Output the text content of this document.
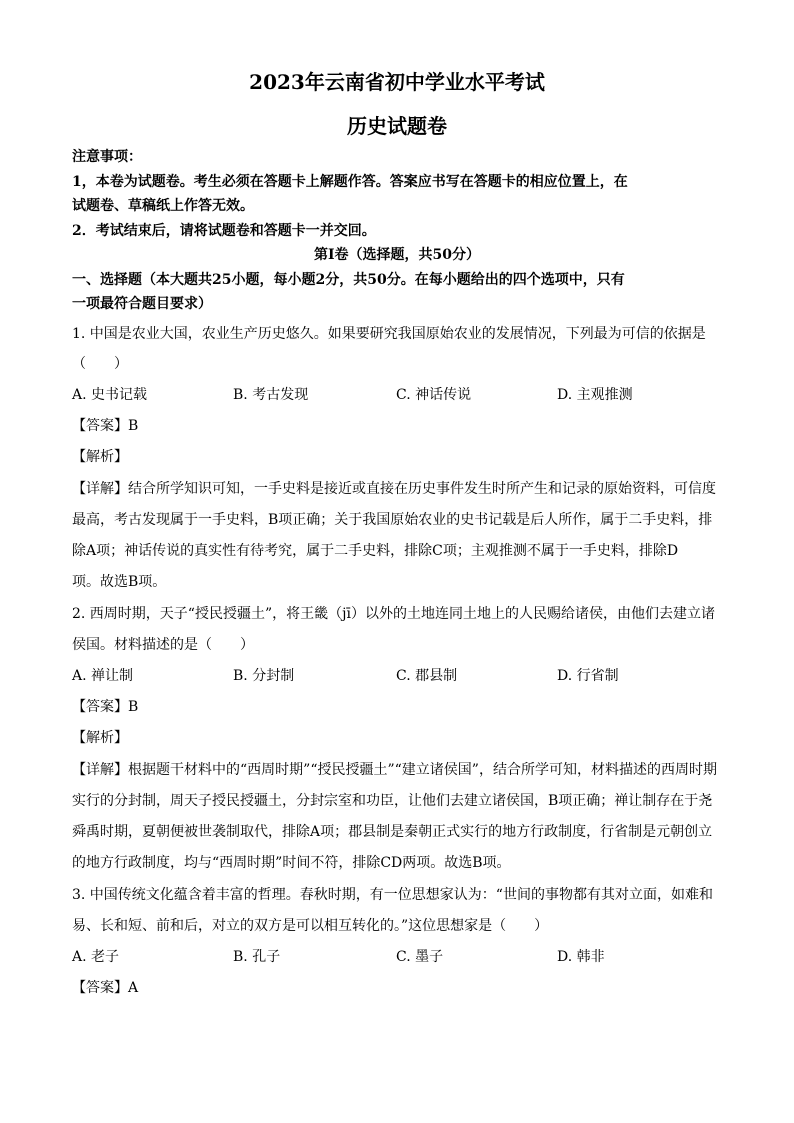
2023年云南省初中学业水平考试
历史试题卷
注意事项：
1，本卷为试题卷。考生必须在答题卡上解题作答。答案应书写在答题卡的相应位置上，在
试题卷、草稿纸上作答无效。
2．考试结束后，请将试题卷和答题卡一并交回。
第Ⅰ卷（选择题，共50分）
一、选择题（本大题共25小题，每小题2分，共50分。在每小题给出的四个选项中，只有
一项最符合题目要求）
1. 中国是农业大国，农业生产历史悠久。如果要研究我国原始农业的发展情况，下列最为可信的依据是
（　　）
A. 史书记载	B. 考古发现	C. 神话传说	D. 主观推测
【答案】B
【解析】
【详解】结合所学知识可知，一手史料是接近或直接在历史事件发生时所产生和记录的原始资料，可信度
最高，考古发现属于一手史料，B项正确；关于我国原始农业的史书记载是后人所作，属于二手史料，排
除A项；神话传说的真实性有待考究，属于二手史料，排除C项；主观推测不属于一手史料，排除D
项。故选B项。
2. 西周时期，天子“授民授疆土”，将王畿（jī）以外的土地连同土地上的人民赐给诸侯，由他们去建立诸
侯国。材料描述的是（　　）
A. 禅让制	B. 分封制	C. 郡县制	D. 行省制
【答案】B
【解析】
【详解】根据题干材料中的“西周时期”“授民授疆土”“建立诸侯国”，结合所学可知，材料描述的西周时期
实行的分封制，周天子授民授疆土，分封宗室和功臣，让他们去建立诸侯国，B项正确；禅让制存在于尧
舜禹时期，夏朝便被世袭制取代，排除A项；郡县制是秦朝正式实行的地方行政制度，行省制是元朝创立
的地方行政制度，均与“西周时期”时间不符，排除CD两项。故选B项。
3. 中国传统文化蕴含着丰富的哲理。春秋时期，有一位思想家认为：“世间的事物都有其对立面，如难和
易、长和短、前和后，对立的双方是可以相互转化的。”这位思想家是（　　）
A. 老子	B. 孔子	C. 墨子	D. 韩非
【答案】A
